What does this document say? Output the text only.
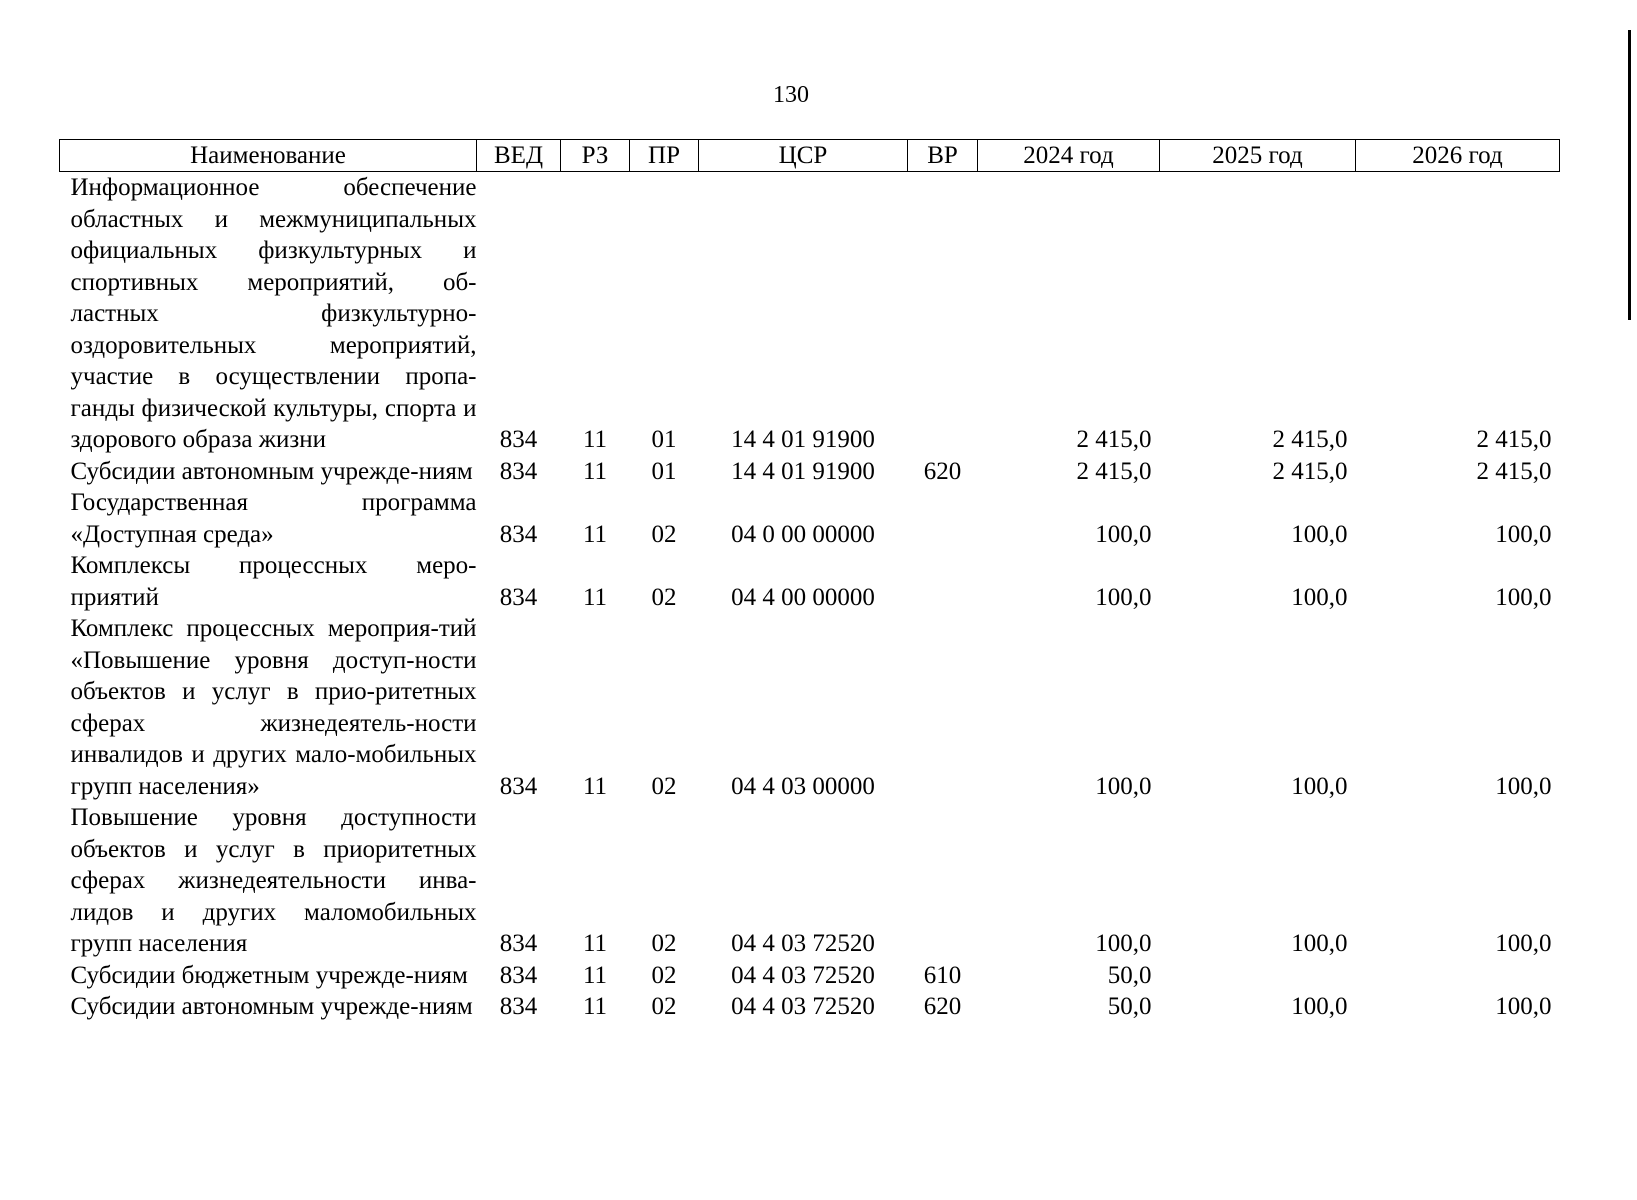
130
Наименование	ВЕД	РЗ	ПР	ЦСР	ВР	2024 год	2025 год	2026 год
Информационное обеспечение областных и межмуниципальных официальных физкультурных и спортивных мероприятий, об-ластных физкультурно-оздоровительных мероприятий, участие в осуществлении пропа-ганды физической культуры, спорта и здорового образа жизни	834	11	01	14 4 01 91900		2 415,0	2 415,0	2 415,0
Субсидии автономным учрежде-ниям	834	11	01	14 4 01 91900	620	2 415,0	2 415,0	2 415,0
Государственная программа «Доступная среда»	834	11	02	04 0 00 00000		100,0	100,0	100,0
Комплексы процессных меро-приятий	834	11	02	04 4 00 00000		100,0	100,0	100,0
Комплекс процессных мероприя-тий «Повышение уровня доступ-ности объектов и услуг в прио-ритетных сферах жизнедеятель-ности инвалидов и других мало-мобильных групп населения»	834	11	02	04 4 03 00000		100,0	100,0	100,0
Повышение уровня доступности объектов и услуг в приоритетных сферах жизнедеятельности инва-лидов и других маломобильных групп населения	834	11	02	04 4 03 72520		100,0	100,0	100,0
Субсидии бюджетным учрежде-ниям	834	11	02	04 4 03 72520	610	50,0		
Субсидии автономным учрежде-ниям	834	11	02	04 4 03 72520	620	50,0	100,0	100,0
